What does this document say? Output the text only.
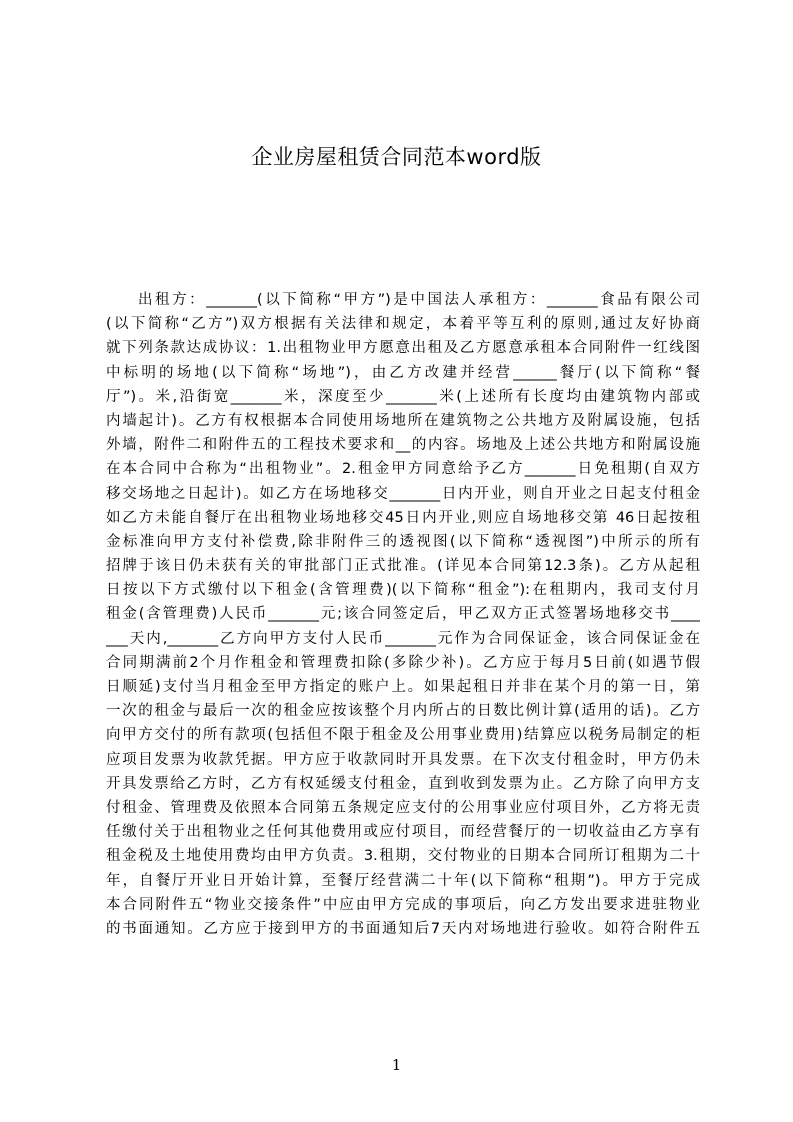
企业房屋租赁合同范本word版
出租方：_______(以下简称“甲方”)是中国法人承租方：_______食品有限公司
(以下简称“乙方”)双方根据有关法律和规定，本着平等互利的原则,通过友好协商
就下列条款达成协议：1.出租物业甲方愿意出租及乙方愿意承租本合同附件一红线图
中标明的场地(以下简称“场地”)，由乙方改建并经营______餐厅(以下简称“餐
厅”)。米,沿街宽_______米，深度至少_______米(上述所有长度均由建筑物内部或
内墙起计)。乙方有权根据本合同使用场地所在建筑物之公共地方及附属设施，包括
外墙，附件二和附件五的工程技术要求和__的内容。场地及上述公共地方和附属设施
在本合同中合称为“出租物业”。2.租金甲方同意给予乙方_______日免租期(自双方
移交场地之日起计)。如乙方在场地移交_______日内开业，则自开业之日起支付租金
如乙方未能自餐厅在出租物业场地移交45日内开业,则应自场地移交第 46日起按租
金标准向甲方支付补偿费,除非附件三的透视图(以下简称“透视图”)中所示的所有
招牌于该日仍未获有关的审批部门正式批准。(详见本合同第12.3条)。乙方从起租
日按以下方式缴付以下租金(含管理费)(以下简称“租金”):在租期内，我司支付月
租金(含管理费)人民币_______元;该合同签定后，甲乙双方正式签署场地移交书____
___天内,_______乙方向甲方支付人民币_______元作为合同保证金，该合同保证金在
合同期满前2个月作租金和管理费扣除(多除少补)。乙方应于每月5日前(如遇节假
日顺延)支付当月租金至甲方指定的账户上。如果起租日并非在某个月的第一日，第
一次的租金与最后一次的租金应按该整个月内所占的日数比例计算(适用的话)。乙方
向甲方交付的所有款项(包括但不限于租金及公用事业费用)结算应以税务局制定的柜
应项目发票为收款凭据。甲方应于收款同时开具发票。在下次支付租金时，甲方仍未
开具发票给乙方时，乙方有权延缓支付租金，直到收到发票为止。乙方除了向甲方支
付租金、管理费及依照本合同第五条规定应支付的公用事业应付项目外，乙方将无责
任缴付关于出租物业之任何其他费用或应付项目，而经营餐厅的一切收益由乙方享有
租金税及土地使用费均由甲方负责。3.租期，交付物业的日期本合同所订租期为二十
年，自餐厅开业日开始计算，至餐厅经营满二十年(以下简称“租期”)。甲方于完成
本合同附件五“物业交接条件”中应由甲方完成的事项后，向乙方发出要求进驻物业
的书面通知。乙方应于接到甲方的书面通知后7天内对场地进行验收。如符合附件五
1
